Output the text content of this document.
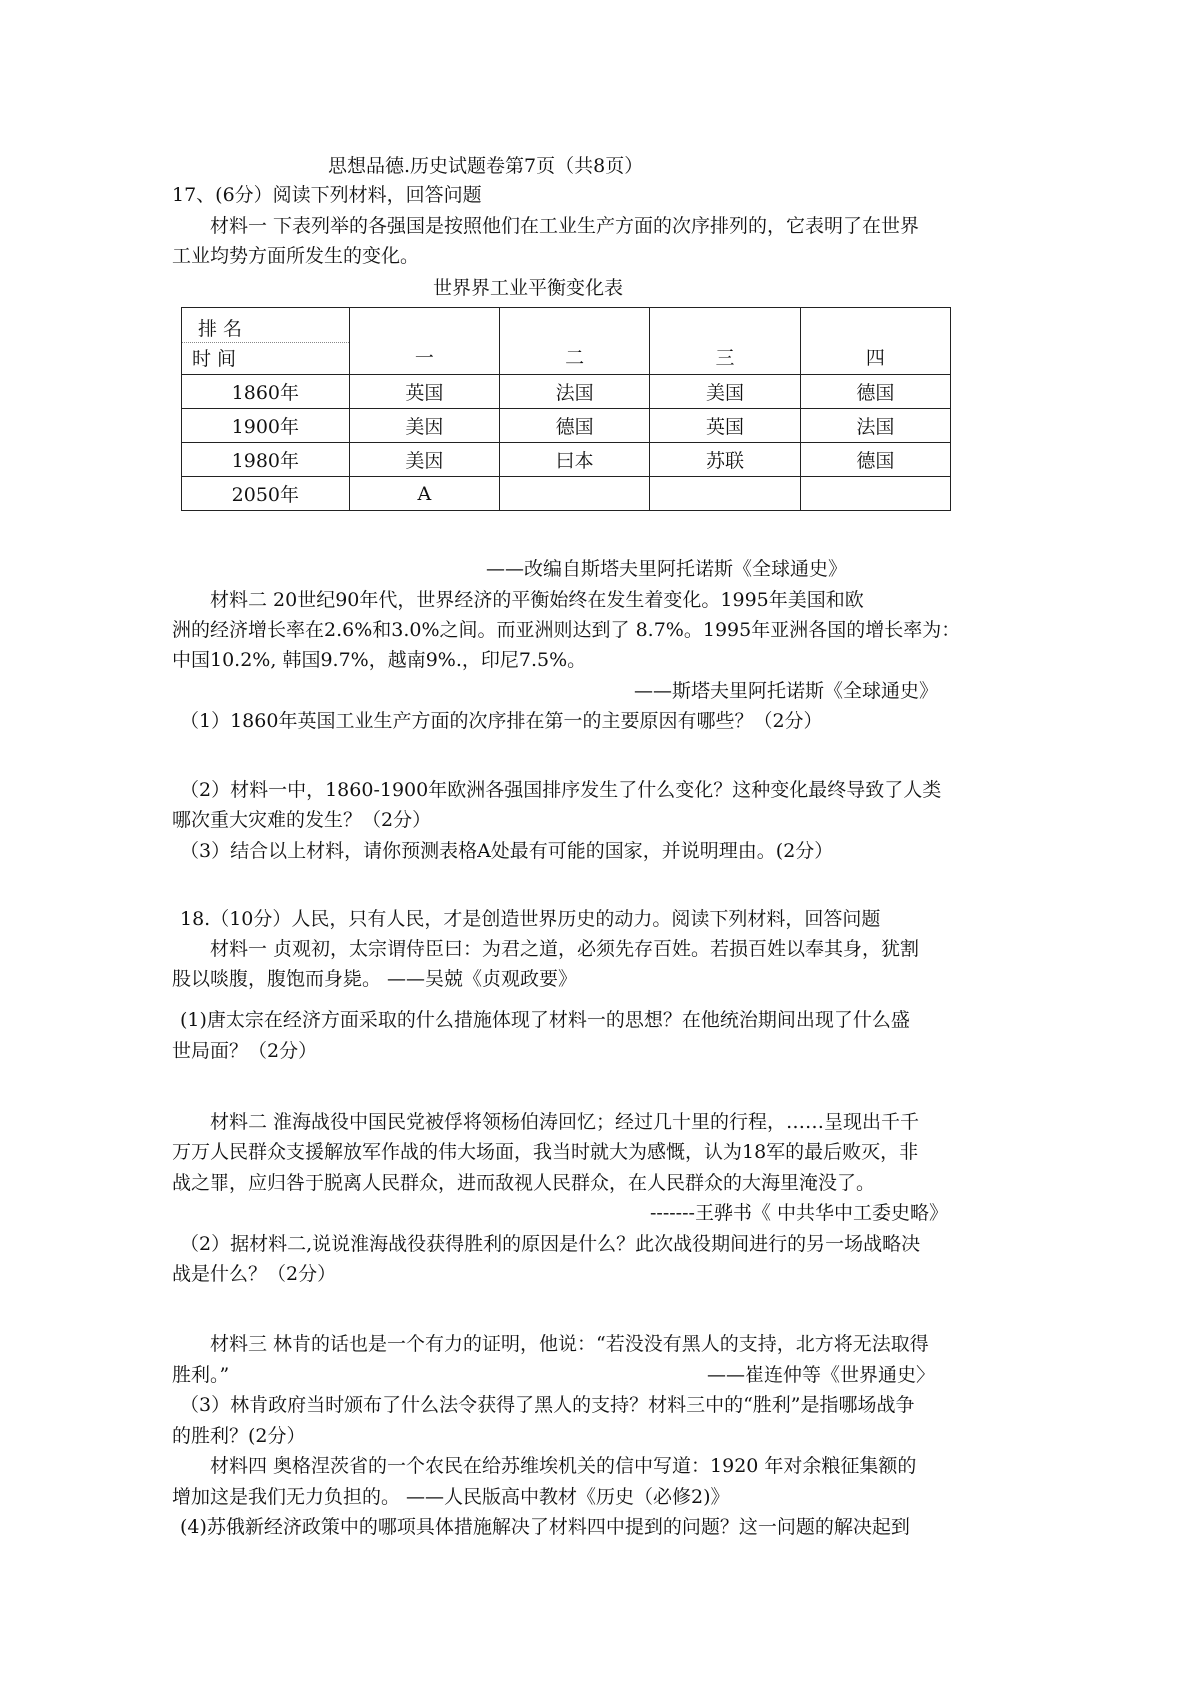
思想品德.历史试题卷第7页（共8页）
17、(6分）阅读下列材料，回答问题
材料一 下表列举的各强国是按照他们在工业生产方面的次序排列的，它表明了在世界
工业均势方面所发生的变化。
世界界工业平衡变化表
排 名
时 间	一	二	三	四

1860年	英国	法国	美国	德国
1900年	美因	德国	英国	法国
1980年	美因	曰本	苏联	德国
2050年	A			
——改编自斯塔夫里阿托诺斯《全球通史》
材料二 20世纪90年代，世界经济的平衡始终在发生着变化。1995年美国和欧
洲的经济增长率在2.6%和3.0%之间。而亚洲则达到了 8.7%。1995年亚洲各国的增长率为：
中国10.2%, 韩国9.7%，越南9%.，印尼7.5%。
——斯塔夫里阿托诺斯《全球通史》
（1）1860年英国工业生产方面的次序排在第一的主要原因有哪些？（2分）
（2）材料一中，1860-1900年欧洲各强国排序发生了什么变化？这种变化最终导致了人类
哪次重大灾难的发生？（2分）
（3）结合以上材料，请你预测表格A处最有可能的国家，并说明理由。(2分）
18.（10分）人民，只有人民，才是创造世界历史的动力。阅读下列材料，回答问题
材料一 贞观初，太宗谓侍臣曰：为君之道，必须先存百姓。若损百姓以奉其身，犹割
股以啖腹，腹饱而身毙。 ——吴兢《贞观政要》
(1)唐太宗在经济方面采取的什么措施体现了材料一的思想？在他统治期间出现了什么盛
世局面？（2分）
材料二 淮海战役中国民党被俘将领杨伯涛回忆；经过几十里的行程，……呈现出千千
万万人民群众支援解放军作战的伟大场面，我当时就大为感慨，认为18军的最后败灭，非
战之罪，应归咎于脱离人民群众，进而敌视人民群众，在人民群众的大海里淹没了。
-------王骅书《 中共华中工委史略》
（2）据材料二,说说淮海战役获得胜利的原因是什么？此次战役期间进行的另一场战略决
战是什么？（2分）
材料三 林肯的话也是一个有力的证明，他说：“若没没有黑人的支持，北方将无法取得
胜利。”	——崔连仲等《世界通史〉
（3）林肯政府当时颁布了什么法令获得了黑人的支持？材料三中的“胜利”是指哪场战争
的胜利？(2分）
材料四 奥格涅茨省的一个农民在给苏维埃机关的信中写道：1920 年对余粮征集额的
增加这是我们无力负担的。 ——人民版高中教材《历史（必修2)》
(4)苏俄新经济政策中的哪项具体措施解决了材料四中提到的问题？这一问题的解决起到
